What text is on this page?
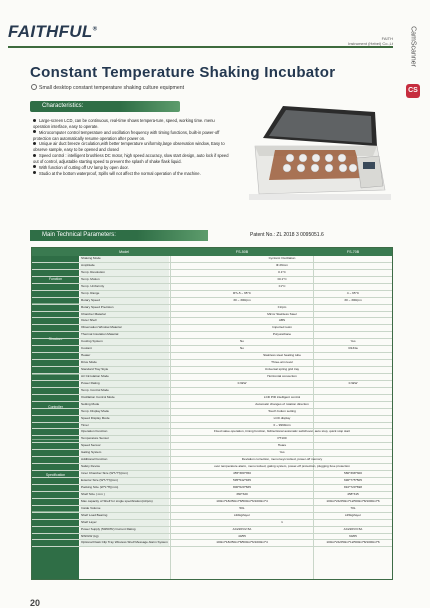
FAITHFUL®
FAITH
Instrument (Hebei) Co.,Lt CamScanner
CS
Constant Temperature Shaking Incubator
Small desktop constant temperature shaking culture equipment
Characteristics:
Large-screen LCD, can be continuous, real-time shows tempera-ture, speed, working time. menu operation interface, easy to operate.
Microcomputer control temperature and oscillation frequency with timing functions, built-in power-off protection can automatically resume operation after power on.
Unique air duct breeze circulation,with better temperature uniformity,large observation window, Easy to observe sample, easy to be opened and closed
Speed control : intelligent brushless DC motor, high speed accuracy, slow start design, auto lock if speed out of control, adjustable starting speed to prevent the splash of shake flask liquid.
With function of cutting off UV lamp by open door.
Studio at the bottom waterproof, Spills will not affect the normal operation of the machine.
Main Technical Parameters:	Patent No.: ZL 2018 3 0095051.6
Model	FS-50B	FS-70B
Function
Structure
Controller
Specification
Shaking Mode	Cyclonic Oscillation
Amplitude	Φ 26mm
Temp. Resolution	0.1°C
Temp. Motion	±0.1°C
Temp. Uniformity	±1°C
Temp. Range	RT+5 ~ 65°C	4 ~ 65°C
Rotary Speed	30 ~ 300rpm	30 ~ 300rpm
Rotary Speed Precision	±1rpm
Chamber Material	Mirror Stainless Steel
Outer Shell	ABS
Observation Window Material	Imported resin
Thermal Insulation Material	Polyurethane
Cooling System	No	Yes
Coolant	No	R134a
Heater	Stainless steel heating tube
Drive Mode	Three-arm level
Standard Tray Style	Universal spring grid tray
Air Circulation Mode	Horizontal convection
Power Rating	0.6kW	0.9kW
Temp. Control Mode
Oscillation Control Mode	LCD PID intelligent control
Setting Mode	Automatic changes of rotation direction
Temp. Display Mode	Touch button setting
Speed Display Mode	LCD display
Timer	0 ~ 9999min
Operation Function	Fixed value operation, timing function, bidirectional automatic switchover, auto stop, quick stop start
Temperature Sensor	PT100
Speed Sensor	Hoare
Gating System	Yes
Additional Function	Deviation correction, menu keys locked, power-off memory
Safety Device	over temperature alarm, menu locked, gating system, power-off protection, plugging fuse protection
Inner Chamber Size (W*L*H)(mm)	455*380*350	580*398*300
Exterior Size (W*L*H)(mm)	595*542*465	690*775*505
Packing Size (W*L*H)(mm)	800*620*665	810*720*698
Shelf Size ( mm )	360*320	458*315
Max capacity of Shelf for single specification(ml/pcs)	100ml*18/250ml*8/500ml*6/1000ml*4	100ml*24/250ml*12/500ml*8/1000ml*6
Inside Volume	50L	70L
Shelf Load Bearing	≤10kg/layer	≤15kg/layer
Shelf Layer	1
Power Supply (50/60Hz) Current Rating	AC220V/2.5A	AC220V/3.5A
NW/GW (kg)	40/55	60/65
Optional Flask Clip Tray Wireless Shelf Message Alarm System	100ml*18/250ml*8/500ml*6/1000ml*4	100ml*24/250ml*12/500ml*8/1000ml*6
20
